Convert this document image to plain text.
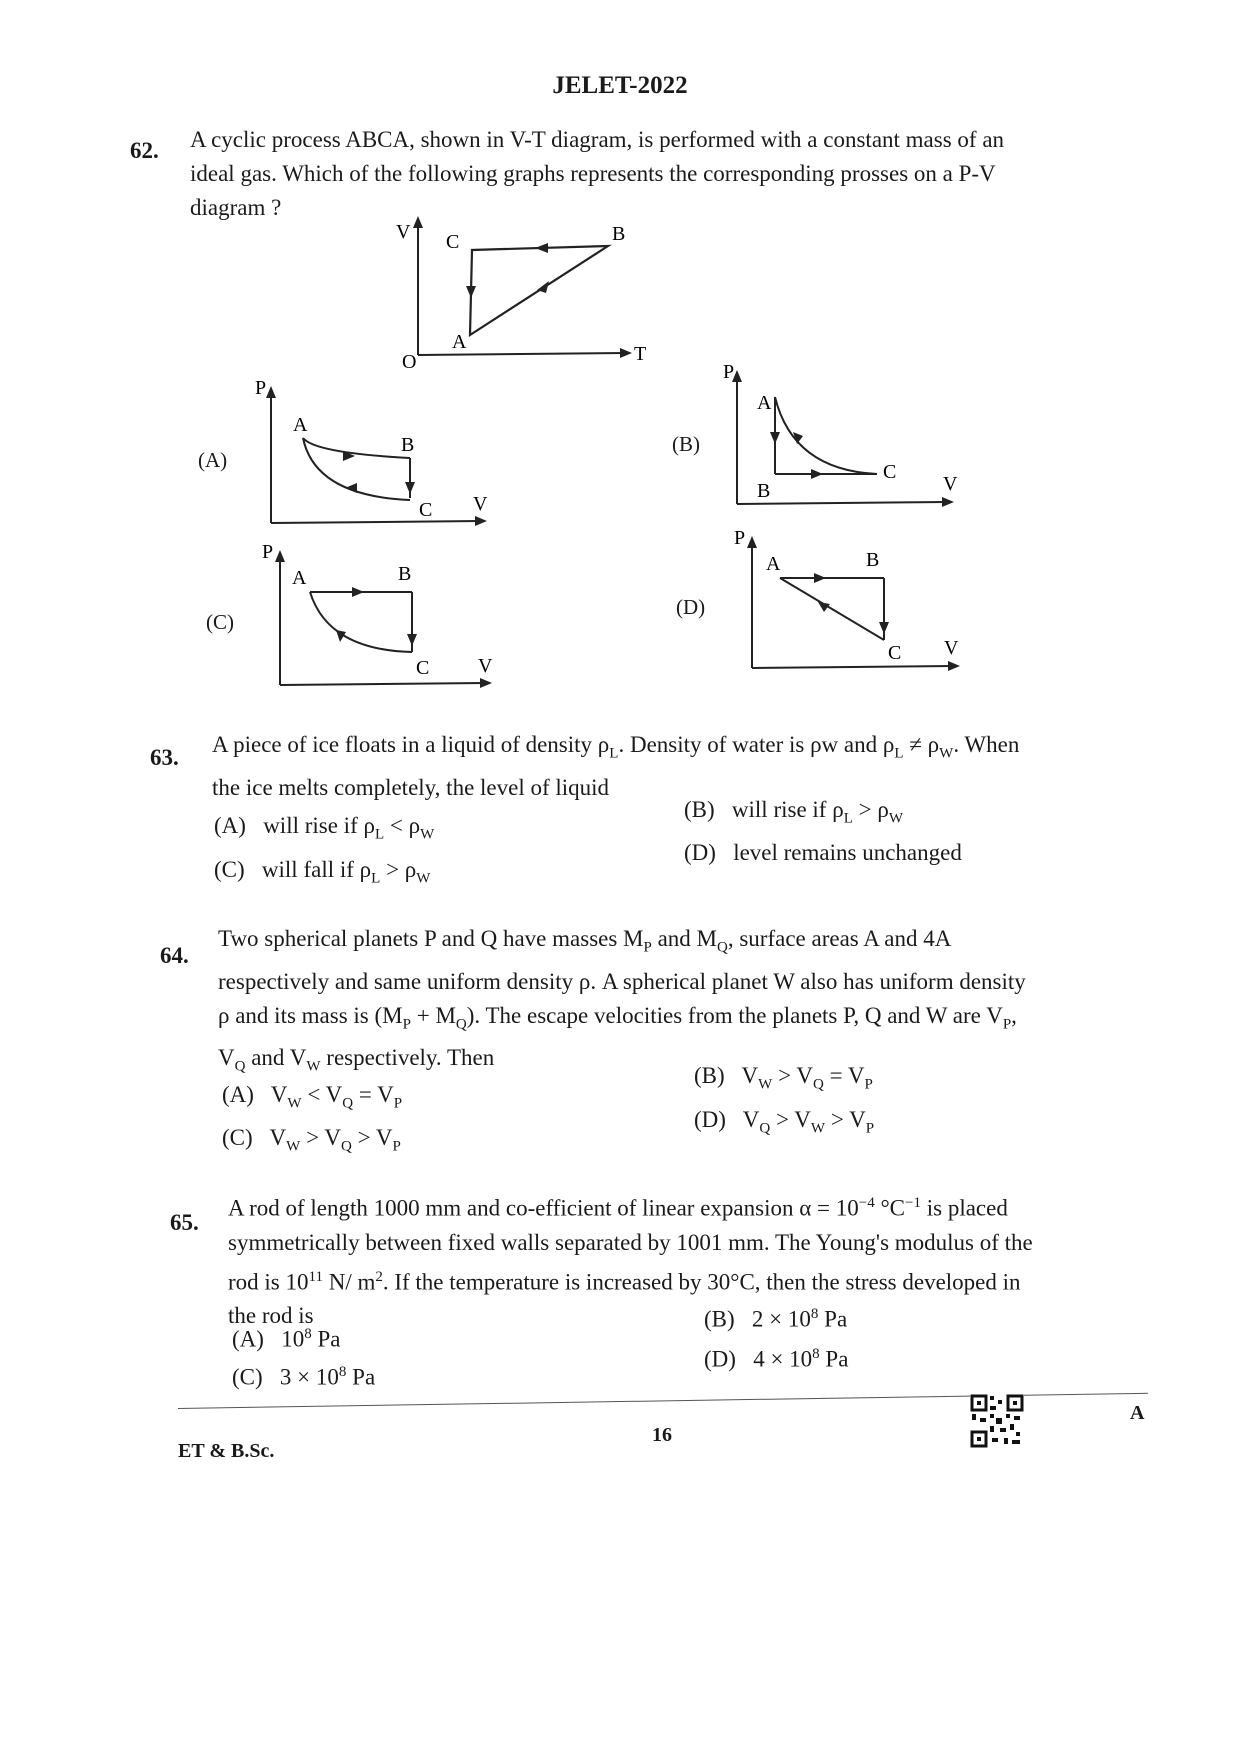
JELET-2022
62. A cyclic process ABCA, shown in V-T diagram, is performed with a constant mass of an
ideal gas. Which of the following graphs represents the corresponding prosses on a P-V
diagram ?
V
T
O
A
B
C
(A)
P
V
A
B
C
(B)
P
V
A
B
C
(C)
P
V
A	B
C
(D)
P
V
A	B
C
63.
A piece of ice floats in a liquid of density $\rho_L$. Density of water is ρw and $\rho_L \ne \rho_W$. When
the ice melts completely, the level of liquid
(A) will rise if $\rho_L < \rho_W$
(B) will rise if $\rho_L > \rho_W$
(C) will fall if $\rho_L > \rho_W$
(D) level remains unchanged
64.
Two spherical planets P and Q have masses $M_P$ and $M_Q$, surface areas A and 4A
respectively and same uniform density ρ. A spherical planet W also has uniform density
ρ and its mass is $(M_P + M_Q)$. The escape velocities from the planets P, Q and W are $V_P$,
$V_Q$ and $V_W$ respectively. Then
(A) $V_W < V_Q = V_P$
(B) $V_W > V_Q = V_P$
(C) $V_W > V_Q > V_P$
(D) $V_Q > V_W > V_P$
65.
A rod of length 1000 mm and co-efficient of linear expansion $\alpha = 10^{-4}$ $^\circ C^{-1}$ is placed
symmetrically between fixed walls separated by 1001 mm. The Young's modulus of the
rod is $10^{11}$ N/ $m^2$. If the temperature is increased by 30°C, then the stress developed in
the rod is
(A) $10^8$ Pa
(B) $2 \times 10^8$ Pa
(C) $3 \times 10^8$ Pa
(D) $4 \times 10^8$ Pa
ET & B.Sc.
16
A
